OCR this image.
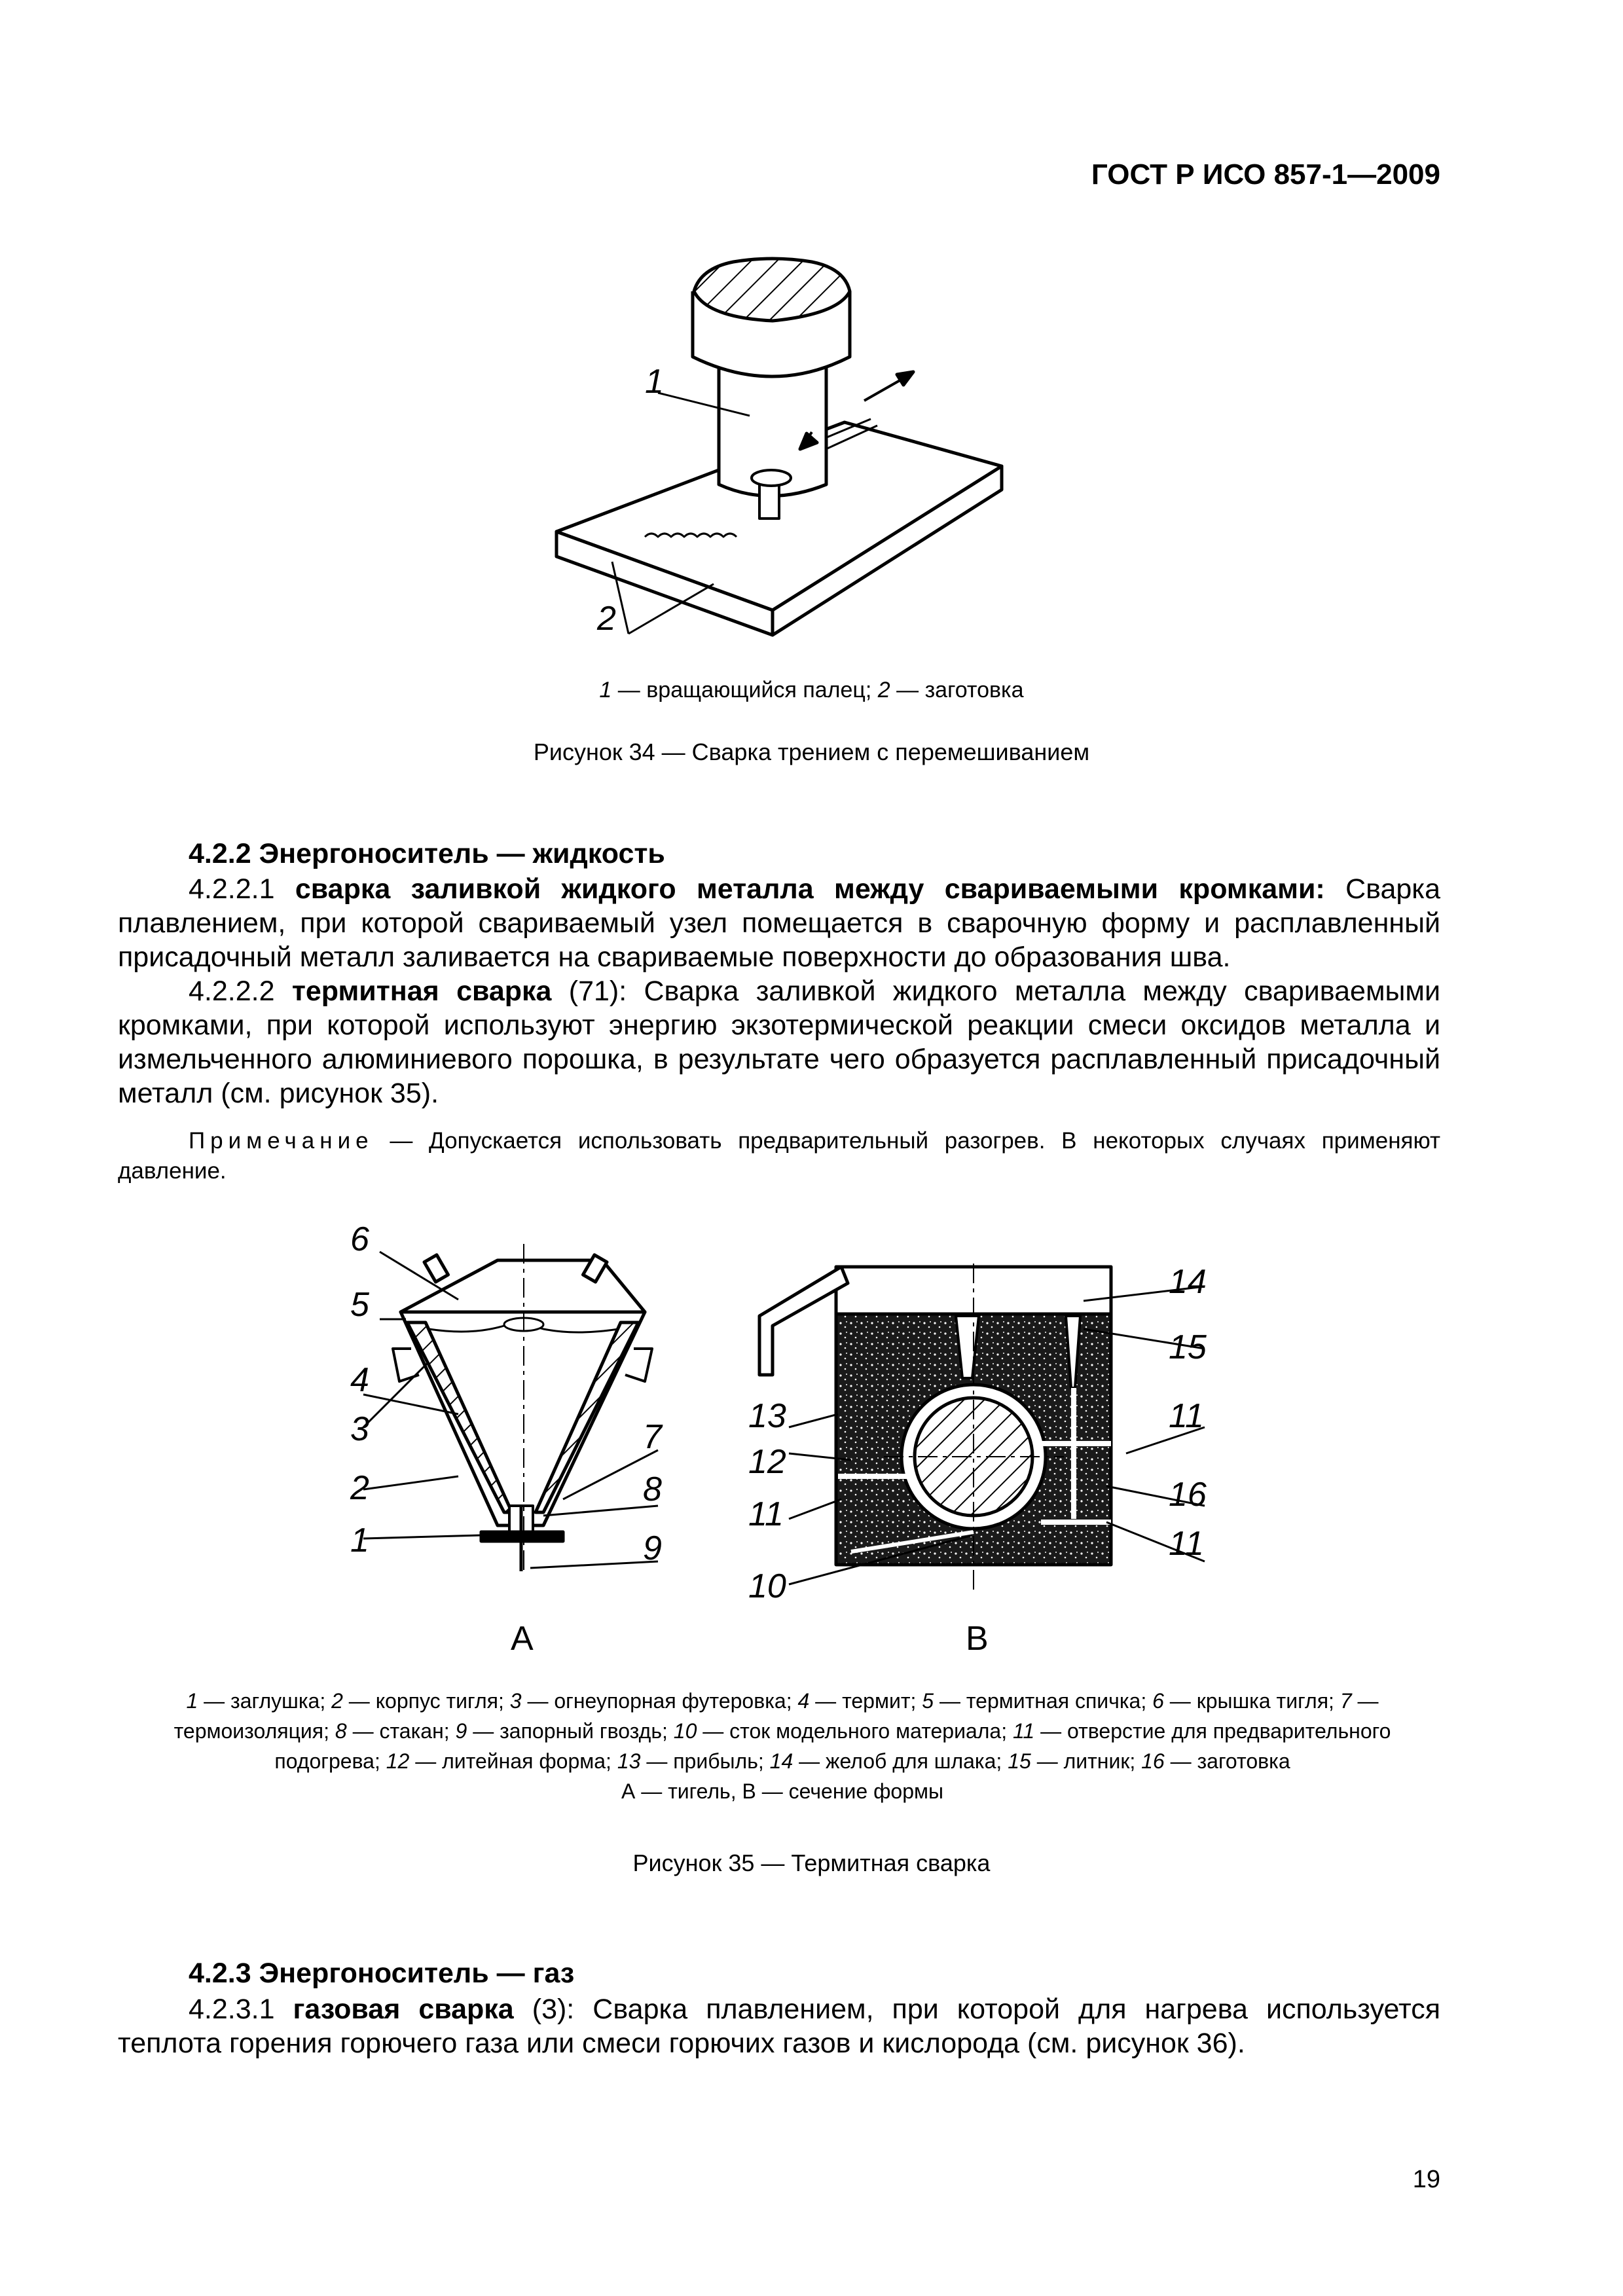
ГОСТ Р ИСО 857-1—2009
1
2
1 — вращающийся палец; 2 — заготовка
Рисунок 34 — Сварка трением с перемешиванием
4.2.2 Энергоноситель — жидкость
4.2.2.1 сварка заливкой жидкого металла между свариваемыми кромками: Сварка плавлением, при которой свариваемый узел помещается в сварочную форму и расплавленный присадочный металл заливается на свариваемые поверхности до образования шва.
4.2.2.2 термитная сварка (71): Сварка заливкой жидкого металла между свариваемыми кромками, при которой используют энергию экзотермической реакции смеси оксидов металла и измельченного алюминиевого порошка, в результате чего образуется расплавленный присадочный металл (см. рисунок 35).
Примечание — Допускается использовать предварительный разогрев. В некоторых случаях применяют давление.
6
5
4
3
2
1
7
8
9
A
14
15
13	11
12
11
16
11
10
B
1 — заглушка; 2 — корпус тигля; 3 — огнеупорная футеровка; 4 — термит; 5 — термитная спичка; 6 — крышка тигля; 7 — термоизоляция; 8 — стакан; 9 — запорный гвоздь; 10 — сток модельного материала; 11 — отверстие для предварительного подогрева; 12 — литейная форма; 13 — прибыль; 14 — желоб для шлака; 15 — литник; 16 — заготовка
А — тигель, В — сечение формы
Рисунок 35 — Термитная сварка
4.2.3 Энергоноситель — газ
4.2.3.1 газовая сварка (3): Сварка плавлением, при которой для нагрева используется теплота горения горючего газа или смеси горючих газов и кислорода (см. рисунок 36).
19
